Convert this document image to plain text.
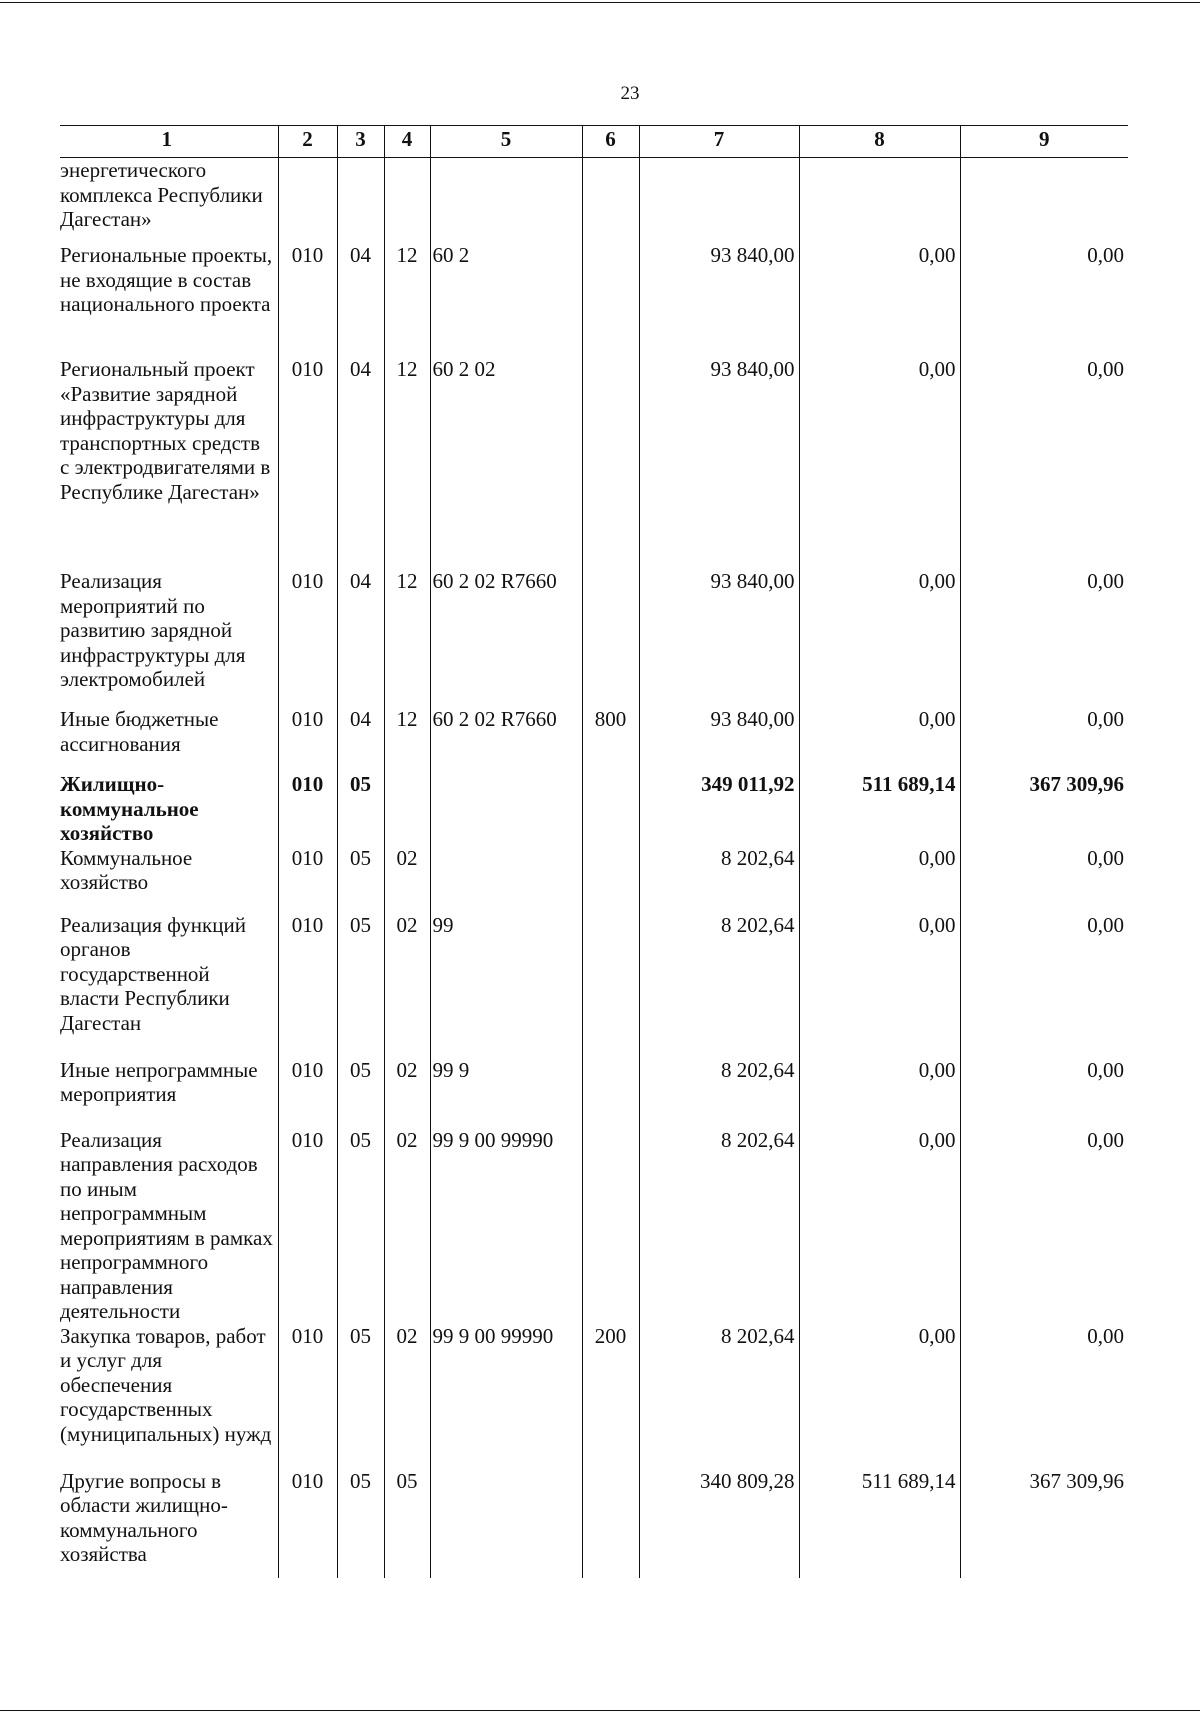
23
1	2	3	4	5	6	7	8	9
энергетического комплекса Республики Дагестан»								
Региональные проекты, не входящие в состав национального проекта	010	04	12	60 2		93 840,00	0,00	0,00
Региональный проект «Развитие зарядной инфраструктуры для транспортных средств с электродвигателями в Республике Дагестан»	010	04	12	60 2 02		93 840,00	0,00	0,00
Реализация мероприятий по развитию зарядной инфраструктуры для электромобилей	010	04	12	60 2 02 R7660		93 840,00	0,00	0,00
Иные бюджетные ассигнования	010	04	12	60 2 02 R7660	800	93 840,00	0,00	0,00
Жилищно-коммунальное хозяйство	010	05				349 011,92	511 689,14	367 309,96
Коммунальное хозяйство	010	05	02			8 202,64	0,00	0,00
Реализация функций органов государственной власти Республики Дагестан	010	05	02	99		8 202,64	0,00	0,00
Иные непрограммные мероприятия	010	05	02	99 9		8 202,64	0,00	0,00
Реализация направления расходов по иным непрограммным мероприятиям в рамках непрограммного направления деятельности	010	05	02	99 9 00 99990		8 202,64	0,00	0,00
Закупка товаров, работ и услуг для обеспечения государственных (муниципальных) нужд	010	05	02	99 9 00 99990	200	8 202,64	0,00	0,00
Другие вопросы в области жилищно-коммунального хозяйства	010	05	05			340 809,28	511 689,14	367 309,96
